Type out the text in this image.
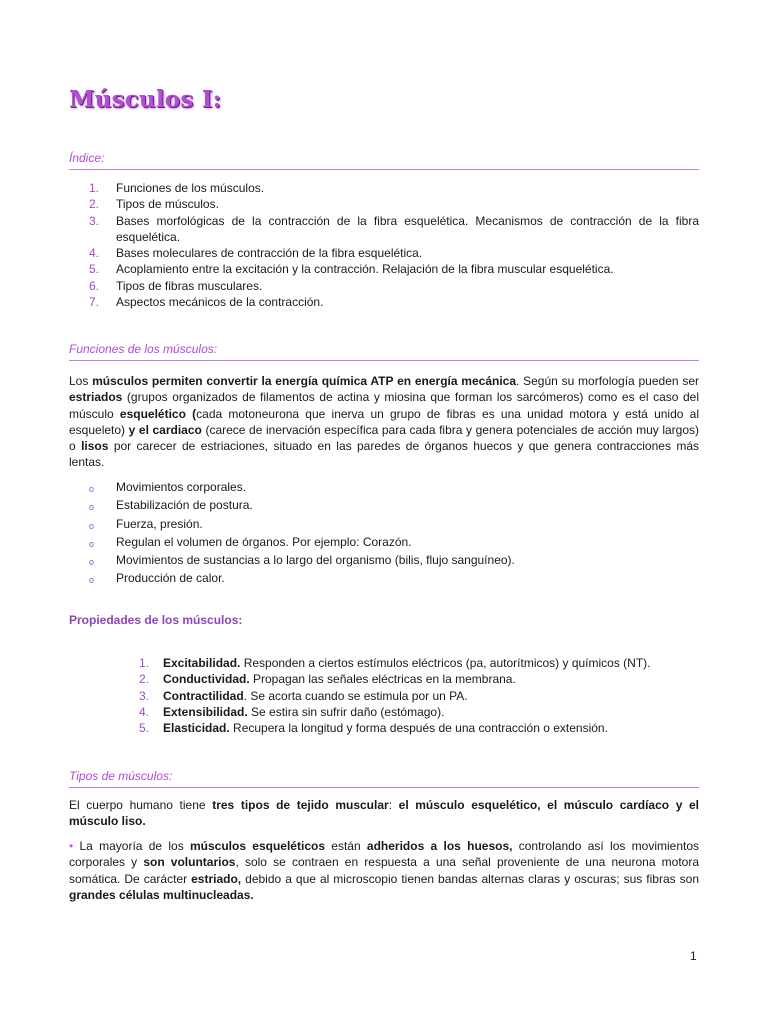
Músculos I:
Índice:
1.	Funciones de los músculos.
2.	Tipos de músculos.
3.	Bases morfológicas de la contracción de la fibra esquelética. Mecanismos de contracción de la fibra esquelética.
4.	Bases moleculares de contracción de la fibra esquelética.
5.	Acoplamiento entre la excitación y la contracción. Relajación de la fibra muscular esquelética.
6.	Tipos de fibras musculares.
7.	Aspectos mecánicos de la contracción.
Funciones de los músculos:

Los músculos permiten convertir la energía química ATP en energía mecánica. Según su morfología pueden ser estriados (grupos organizados de filamentos de actina y miosina que forman los sarcómeros) como es el caso del músculo esquelético (cada motoneurona que inerva un grupo de fibras es una unidad motora y está unido al esqueleto) y el cardiaco (carece de inervación específica para cada fibra y genera potenciales de acción muy largos) o lisos por carecer de estriaciones, situado en las paredes de órganos huecos y que genera contracciones más lentas.

o	Movimientos corporales.
o	Estabilización de postura.
o	Fuerza, presión.
o	Regulan el volumen de órganos. Por ejemplo: Corazón.
o	Movimientos de sustancias a lo largo del organismo (bilis, flujo sanguíneo).
o	Producción de calor.
Propiedades de los músculos:
1.	Excitabilidad. Responden a ciertos estímulos eléctricos (pa, autorítmicos) y químicos (NT).
2.	Conductividad. Propagan las señales eléctricas en la membrana.
3.	Contractilidad. Se acorta cuando se estimula por un PA.
4.	Extensibilidad. Se estira sin sufrir daño (estómago).
5.	Elasticidad. Recupera la longitud y forma después de una contracción o extensión.
Tipos de músculos:

El cuerpo humano tiene tres tipos de tejido muscular: el músculo esquelético, el músculo cardíaco y el músculo liso.

• La mayoría de los músculos esqueléticos están adheridos a los huesos, controlando así los movimientos corporales y son voluntarios, solo se contraen en respuesta a una señal proveniente de una neurona motora somática. De carácter estriado, debido a que al microscopio tienen bandas alternas claras y oscuras; sus fibras son grandes células multinucleadas.

1
